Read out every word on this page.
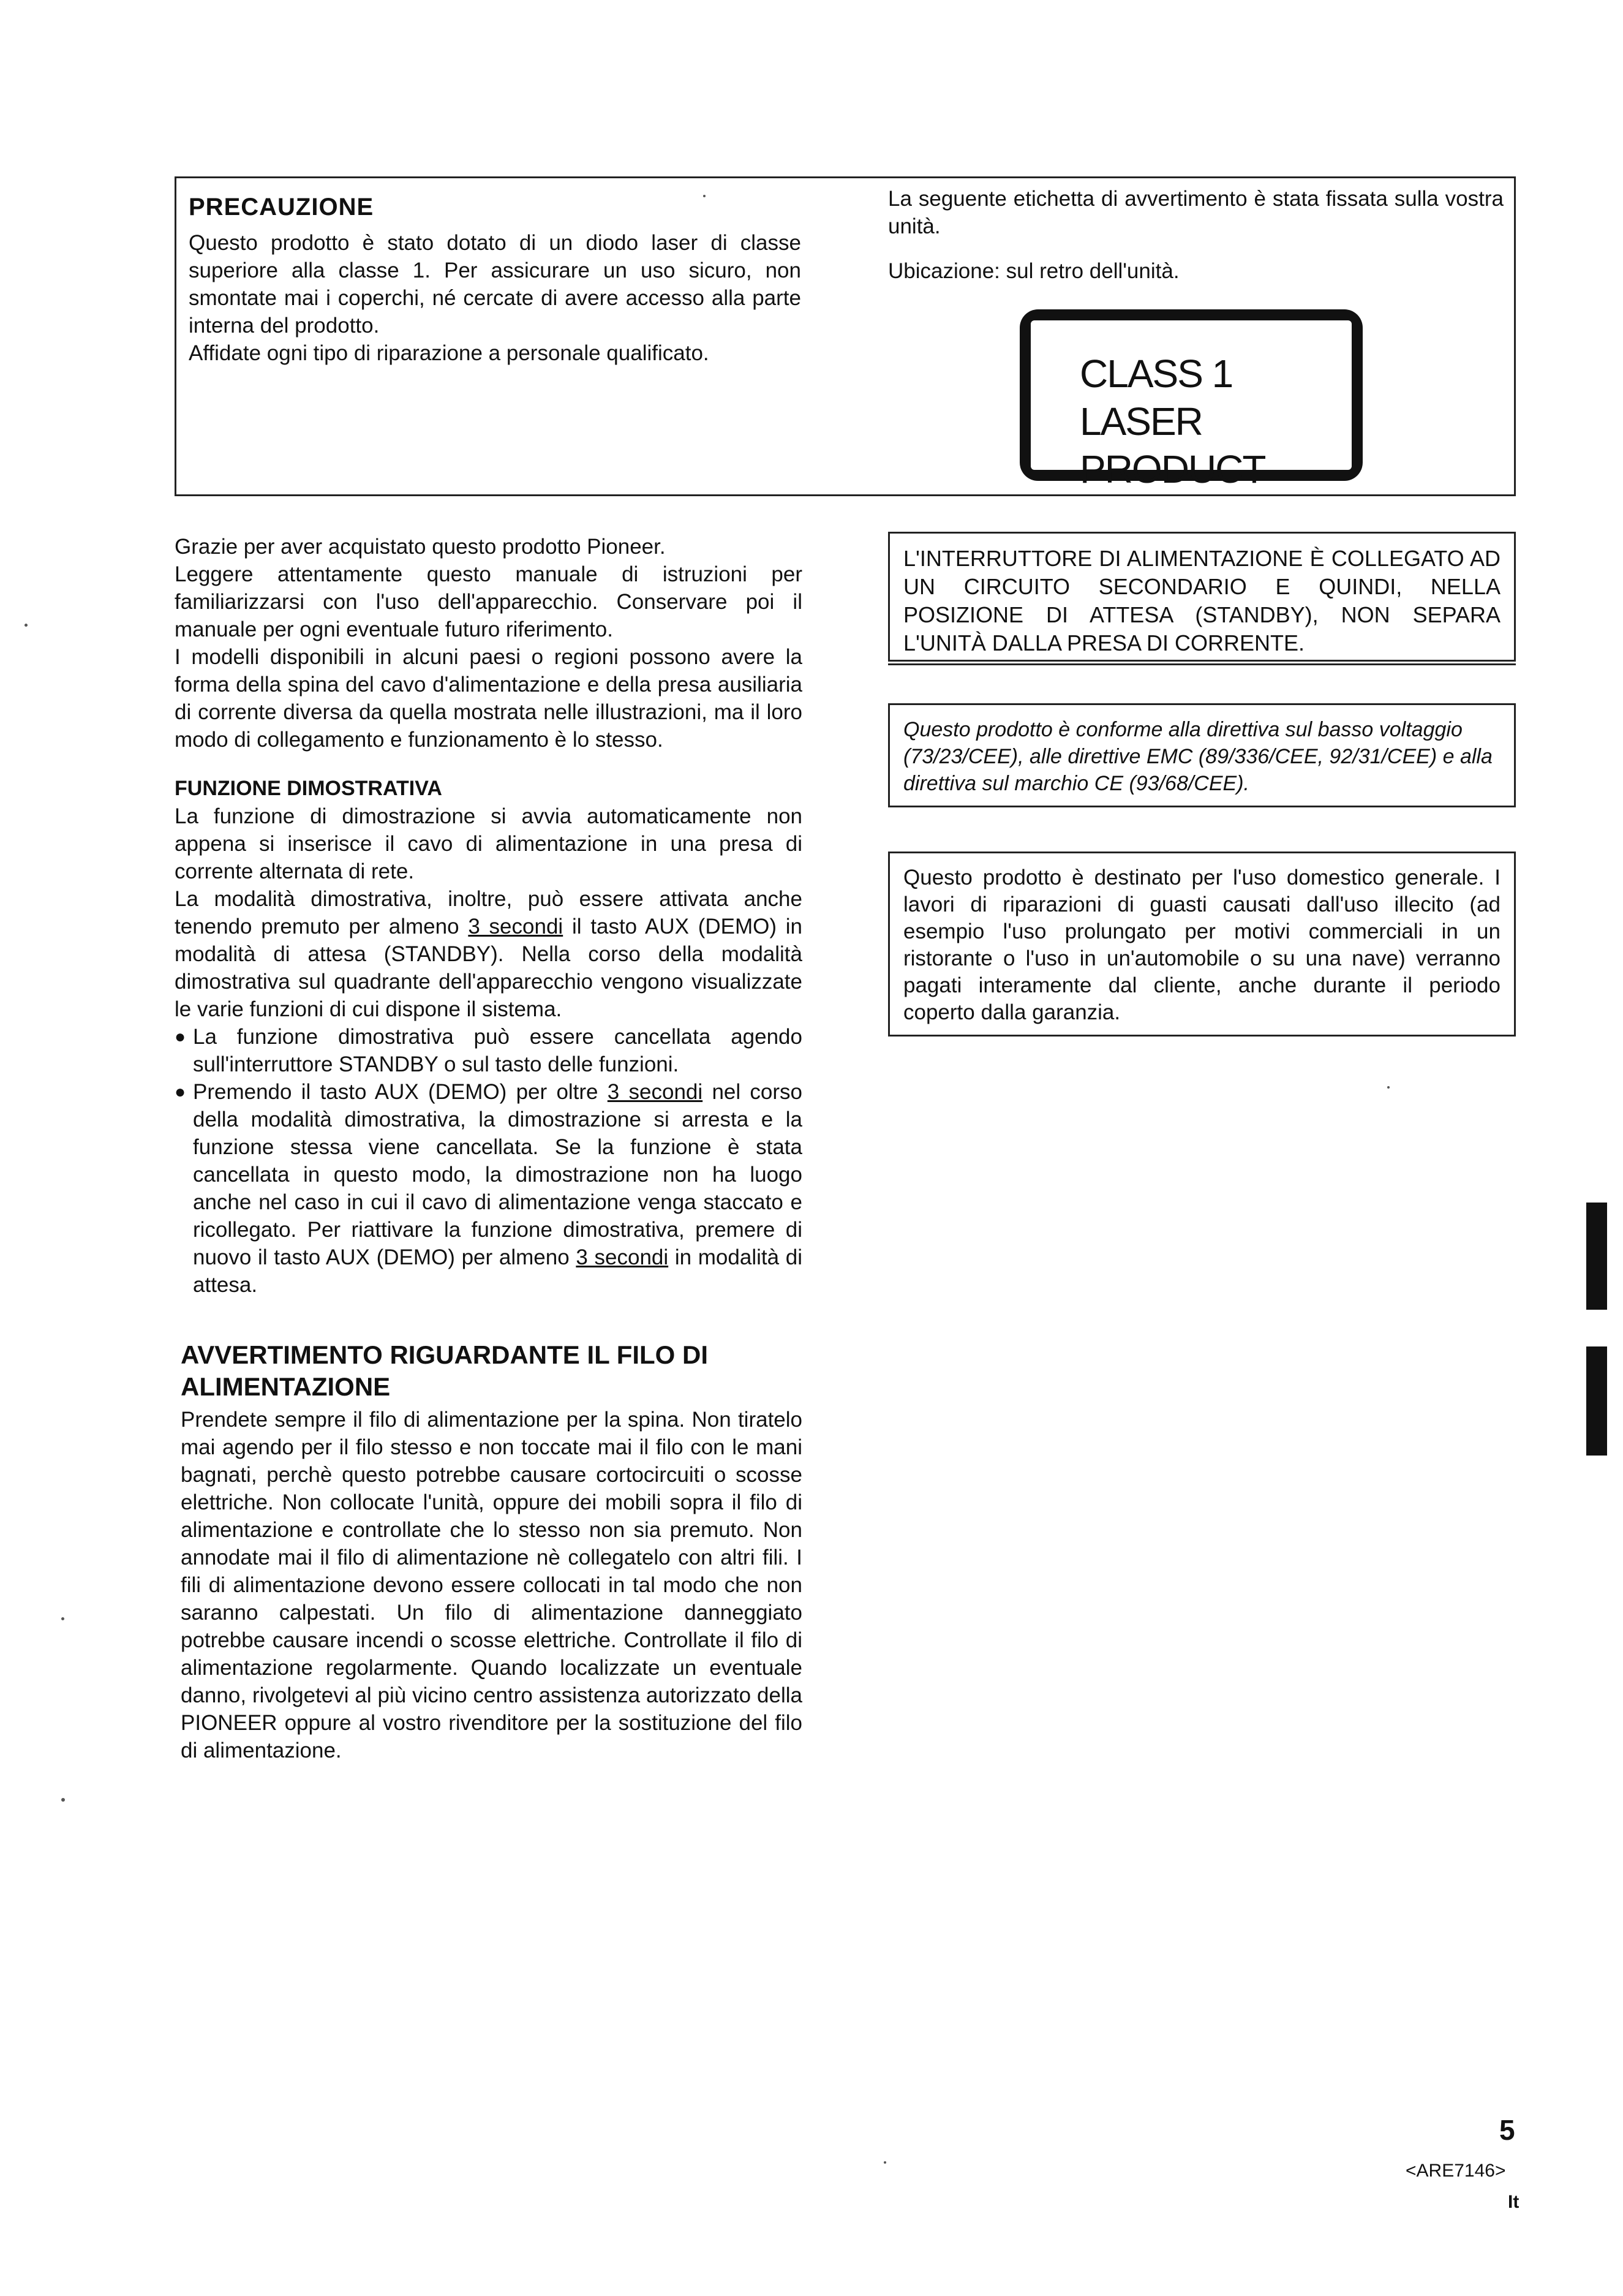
PRECAUZIONE

Questo prodotto è stato dotato di un diodo laser di classe superiore alla classe 1. Per assicurare un uso sicuro, non smontate mai i coperchi, né cercate di avere accesso alla parte interna del prodotto.

Affidate ogni tipo di riparazione a personale qualificato.

La seguente etichetta di avvertimento è stata fissata sulla vostra unità.

Ubicazione: sul retro dell'unità.

CLASS 1
LASER PRODUCT

Grazie per aver acquistato questo prodotto Pioneer.

Leggere attentamente questo manuale di istruzioni per familiarizzarsi con l'uso dell'apparecchio. Conservare poi il manuale per ogni eventuale futuro riferimento.

I modelli disponibili in alcuni paesi o regioni possono avere la forma della spina del cavo d'alimentazione e della presa ausiliaria di corrente diversa da quella mostrata nelle illustrazioni, ma il loro modo di collegamento e funzionamento è lo stesso.

FUNZIONE DIMOSTRATIVA

La funzione di dimostrazione si avvia automaticamente non appena si inserisce il cavo di alimentazione in una presa di corrente alternata di rete.

La modalità dimostrativa, inoltre, può essere attivata anche tenendo premuto per almeno 3 secondi il tasto AUX (DEMO) in modalità di attesa (STANDBY). Nella corso della modalità dimostrativa sul quadrante dell'apparecchio vengono visualizzate le varie funzioni di cui dispone il sistema.

● La funzione dimostrativa può essere cancellata agendo sull'interruttore STANDBY o sul tasto delle funzioni.
● Premendo il tasto AUX (DEMO) per oltre 3 secondi nel corso della modalità dimostrativa, la dimostrazione si arresta e la funzione stessa viene cancellata. Se la funzione è stata cancellata in questo modo, la dimostrazione non ha luogo anche nel caso in cui il cavo di alimentazione venga staccato e ricollegato. Per riattivare la funzione dimostrativa, premere di nuovo il tasto AUX (DEMO) per almeno 3 secondi in modalità di attesa.
AVVERTIMENTO RIGUARDANTE IL FILO DI ALIMENTAZIONE

Prendete sempre il filo di alimentazione per la spina. Non tiratelo mai agendo per il filo stesso e non toccate mai il filo con le mani bagnati, perchè questo potrebbe causare cortocircuiti o scosse elettriche. Non collocate l'unità, oppure dei mobili sopra il filo di alimentazione e controllate che lo stesso non sia premuto. Non annodate mai il filo di alimentazione nè collegatelo con altri fili. I fili di alimentazione devono essere collocati in tal modo che non saranno calpestati. Un filo di alimentazione danneggiato potrebbe causare incendi o scosse elettriche. Controllate il filo di alimentazione regolarmente. Quando localizzate un eventuale danno, rivolgetevi al più vicino centro assistenza autorizzato della PIONEER oppure al vostro rivenditore per la sostituzione del filo di alimentazione.

L'INTERRUTTORE DI ALIMENTAZIONE È COLLEGATO AD UN CIRCUITO SECONDARIO E QUINDI, NELLA POSIZIONE DI ATTESA (STANDBY), NON SEPARA L'UNITÀ DALLA PRESA DI CORRENTE.

Questo prodotto è conforme alla direttiva sul basso voltaggio (73/23/CEE), alle direttive EMC (89/336/CEE, 92/31/CEE) e alla direttiva sul marchio CE (93/68/CEE).

Questo prodotto è destinato per l'uso domestico generale. I lavori di riparazioni di guasti causati dall'uso illecito (ad esempio l'uso prolungato per motivi commerciali in un ristorante o l'uso in un'automobile o su una nave) verranno pagati interamente dal cliente, anche durante il periodo coperto dalla garanzia.

5
<ARE7146>
It
